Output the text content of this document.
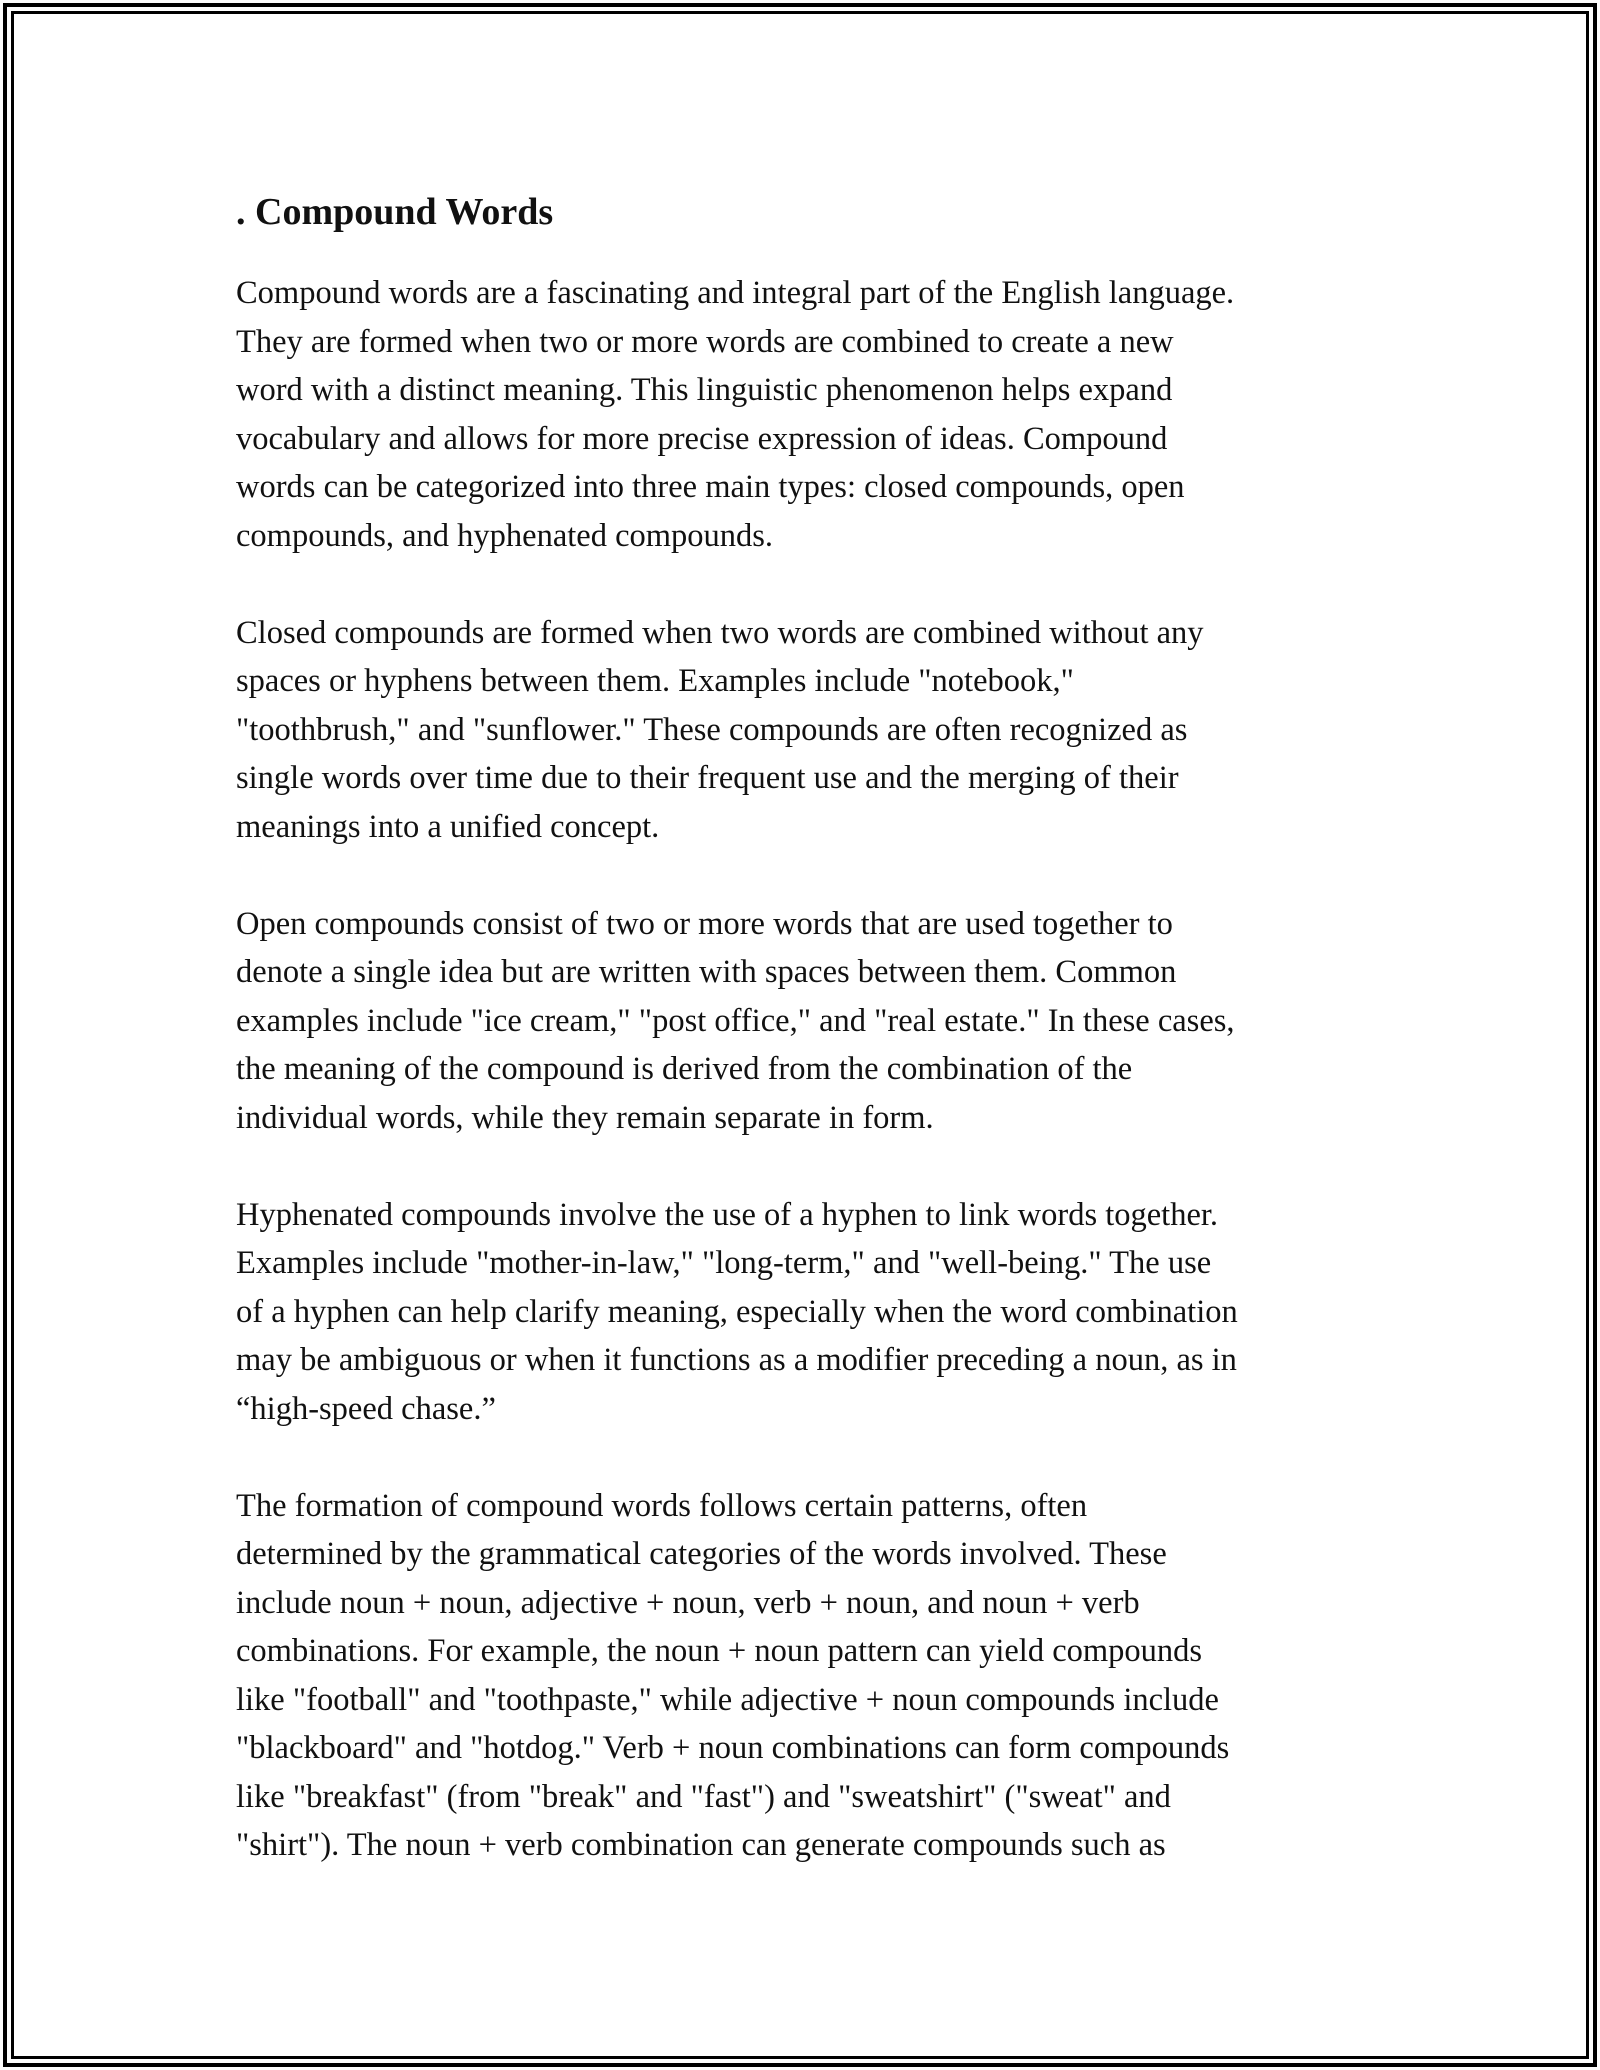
. Compound Words

Compound words are a fascinating and integral part of the English language.
They are formed when two or more words are combined to create a new
word with a distinct meaning. This linguistic phenomenon helps expand
vocabulary and allows for more precise expression of ideas. Compound
words can be categorized into three main types: closed compounds, open
compounds, and hyphenated compounds.

Closed compounds are formed when two words are combined without any
spaces or hyphens between them. Examples include "notebook,"
"toothbrush," and "sunflower." These compounds are often recognized as
single words over time due to their frequent use and the merging of their
meanings into a unified concept.

Open compounds consist of two or more words that are used together to
denote a single idea but are written with spaces between them. Common
examples include "ice cream," "post office," and "real estate." In these cases,
the meaning of the compound is derived from the combination of the
individual words, while they remain separate in form.

Hyphenated compounds involve the use of a hyphen to link words together.
Examples include "mother-in-law," "long-term," and "well-being." The use
of a hyphen can help clarify meaning, especially when the word combination
may be ambiguous or when it functions as a modifier preceding a noun, as in
“high-speed chase.”

The formation of compound words follows certain patterns, often
determined by the grammatical categories of the words involved. These
include noun + noun, adjective + noun, verb + noun, and noun + verb
combinations. For example, the noun + noun pattern can yield compounds
like "football" and "toothpaste," while adjective + noun compounds include
"blackboard" and "hotdog." Verb + noun combinations can form compounds
like "breakfast" (from "break" and "fast") and "sweatshirt" ("sweat" and
"shirt"). The noun + verb combination can generate compounds such as
